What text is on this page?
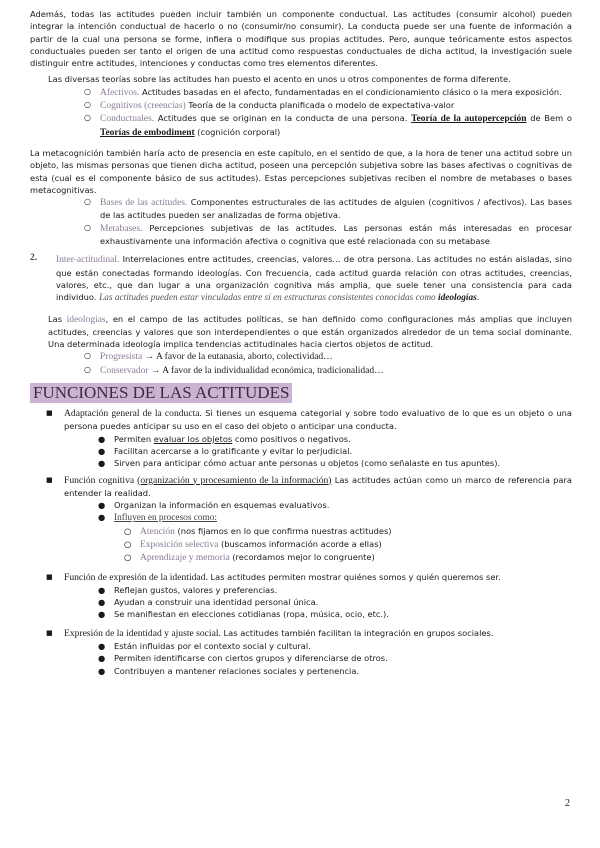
Además, todas las actitudes pueden incluir también un componente conductual. Las actitudes (consumir alcohol) pueden integrar la intención conductual de hacerlo o no (consumir/no consumir). La conducta puede ser una fuente de información a partir de la cual una persona se forme, infiera o modifique sus propias actitudes. Pero, aunque teóricamente estos aspectos conductuales pueden ser tanto el origen de una actitud como respuestas conductuales de dicha actitud, la investigación suele distinguir entre actitudes, intenciones y conductas como tres elementos diferentes.

Las diversas teorías sobre las actitudes han puesto el acento en unos u otros componentes de forma diferente.

○ Afectivos. Actitudes basadas en el afecto, fundamentadas en el condicionamiento clásico o la mera exposición.
○ Cognitivos (creencias) Teoría de la conducta planificada o modelo de expectativa-valor
○ Conductuales. Actitudes que se originan en la conducta de una persona. Teoría de la autopercepción de Bem o Teorías de embodiment (cognición corporal)

La metacognición también haría acto de presencia en este capítulo, en el sentido de que, a la hora de tener una actitud sobre un objeto, las mismas personas que tienen dicha actitud, poseen una percepción subjetiva sobre las bases afectivas o cognitivas de esta (cual es el componente básico de sus actitudes). Estas percepciones subjetivas reciben el nombre de metabases o bases metacognitivas.

○ Bases de las actitudes. Componentes estructurales de las actitudes de alguien (cognitivos / afectivos). Las bases de las actitudes pueden ser analizadas de forma objetiva.
○ Metabases. Percepciones subjetivas de las actitudes. Las personas están más interesadas en procesar exhaustivamente una información afectiva o cognitiva que esté relacionada con su metabase
2.	Inter-actitudinal. Interrelaciones entre actitudes, creencias, valores… de otra persona. Las actitudes no están aisladas, sino que están conectadas formando ideologías. Con frecuencia, cada actitud guarda relación con otras actitudes, creencias, valores, etc., que dan lugar a una organización cognitiva más amplia, que suele tener una consistencia para cada individuo. Las actitudes pueden estar vinculadas entre sí en estructuras consistentes conocidas como ideologías.

Las ideologías, en el campo de las actitudes políticas, se han definido como configuraciones más amplias que incluyen actitudes, creencias y valores que son interdependientes o que están organizados alrededor de un tema social dominante. Una determinada ideología implica tendencias actitudinales hacia ciertos objetos de actitud.

○ Progresista → A favor de la eutanasia, aborto, colectividad…
○ Conservador → A favor de la individualidad económica, tradicionalidad…
FUNCIONES DE LAS ACTITUDES
■ Adaptación general de la conducta. Si tienes un esquema categorial y sobre todo evaluativo de lo que es un objeto o una persona puedes anticipar su uso en el caso del objeto o anticipar una conducta.
● Permiten evaluar los objetos como positivos o negativos.
● Facilitan acercarse a lo gratificante y evitar lo perjudicial.
● Sirven para anticipar cómo actuar ante personas u objetos (como señalaste en tus apuntes).
■ Función cognitiva (organización y procesamiento de la información) Las actitudes actúan como un marco de referencia para entender la realidad.
● Organizan la información en esquemas evaluativos.
● Influyen en procesos como:
○ Atención (nos fijamos en lo que confirma nuestras actitudes)
○ Exposición selectiva (buscamos información acorde a ellas)
○ Aprendizaje y memoria (recordamos mejor lo congruente)
■ Función de expresión de la identidad. Las actitudes permiten mostrar quiénes somos y quién queremos ser.
● Reflejan gustos, valores y preferencias.
● Ayudan a construir una identidad personal única.
● Se manifiestan en elecciones cotidianas (ropa, música, ocio, etc.).
■ Expresión de la identidad y ajuste social. Las actitudes también facilitan la integración en grupos sociales.
● Están influidas por el contexto social y cultural.
● Permiten identificarse con ciertos grupos y diferenciarse de otros.
● Contribuyen a mantener relaciones sociales y pertenencia.
2
